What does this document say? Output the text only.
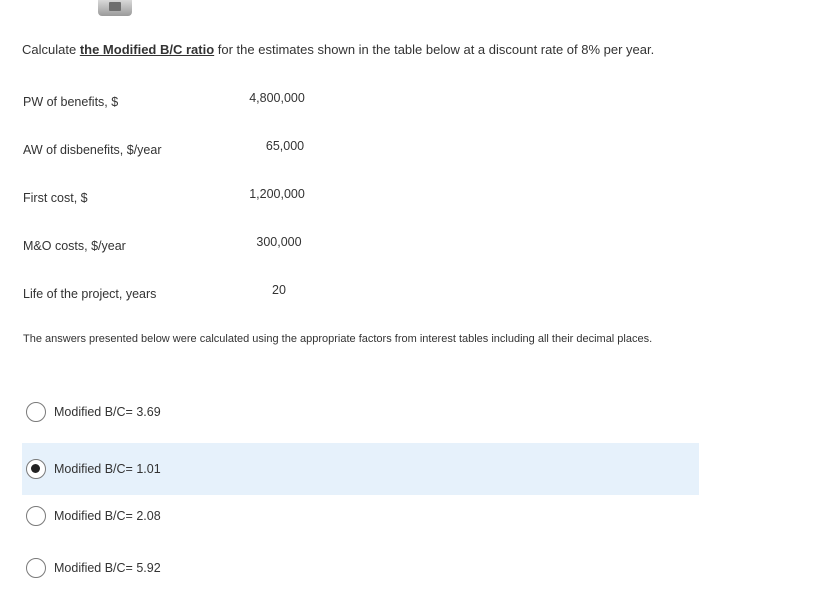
Calculate the Modified B/C ratio for the estimates shown in the table below at a discount rate of 8% per year.
PW of benefits, $	4,800,000
AW of disbenefits, $/year	65,000
First cost, $	1,200,000
M&O costs, $/year	300,000
Life of the project, years	20
The answers presented below were calculated using the appropriate factors from interest tables including all their decimal places.
Modified B/C= 3.69
Modified B/C= 1.01
Modified B/C= 2.08
Modified B/C= 5.92
